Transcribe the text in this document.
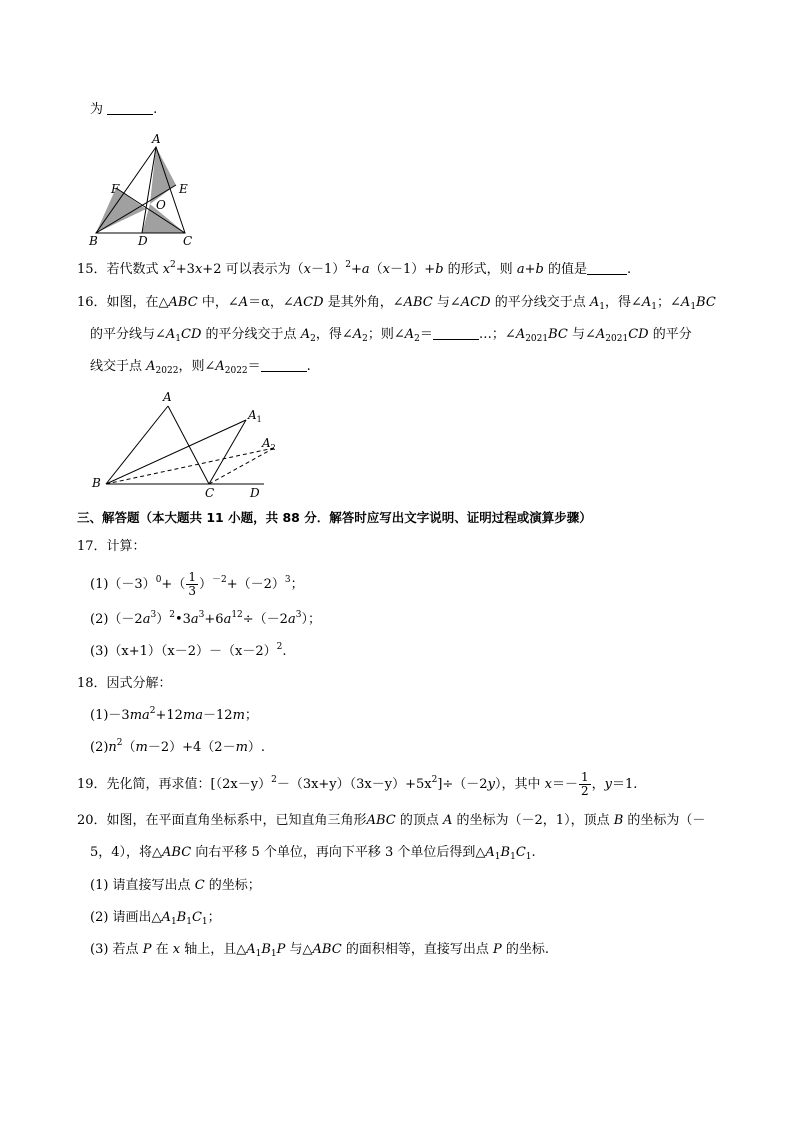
为	.
A
B	C
D
E
F
O
15．若代数式 $x^2+3x+2$ 可以表示为$(x-1)^2+a(x-1)+b$ 的形式，则 a+b 的值是	.
16．如图，在△ABC 中，∠A＝α，∠ACD 是其外角，∠ABC 与∠ACD 的平分线交于点 $A_1$，得$\angle A_1$；$\angle A_1BC$
的平分线与$\angle A_1CD$ 的平分线交于点 $A_2$，得$\angle A_2$；则$\angle A_2=$	…；$\angle A_{2021}BC$ 与$\angle A_{2021}CD$ 的平分
线交于点 $A_{2022}$，则$\angle A_{2022}=$	.
A
$A_1$
$A_2$
B
C	D
三、解答题（本大题共 11 小题，共 88 分．解答时应写出文字说明、证明过程或演算步骤）
17．计算：
$(1)(-3)^0+( \frac{1}{3} )^{-2}+(-2)^3$；
$(2)(-2a^3)^2•3a^3+6a^{12}\div(-2a^3)$；
$(3)(x+1)(x-2)-(x-2)^2$.
18．因式分解：
$(1)-3ma^2+12ma-12m$；
$(2)n^2(m-2)+4(2-m)$.
19．先化简，再求值：$[(2x-y)^2-(3x+y)(3x-y)+5x^2]\div(-2y)$，其中 $x=- \frac{1}{2}$ ，y＝1.
20．如图，在平面直角坐标系中，已知直角三角形ABC 的顶点 A 的坐标为（－2，1），顶点 B 的坐标为（－
5，4），将△ABC 向右平移 5 个单位，再向下平移 3 个单位后得到$\triangle A_1B_1C_1$.
(1) 请直接写出点 C 的坐标；
(2) 请画出$\triangle A_1B_1C_1$；
(3) 若点 P 在 x 轴上，且$\triangle A_1B_1P$ 与△ABC 的面积相等，直接写出点 P 的坐标.
